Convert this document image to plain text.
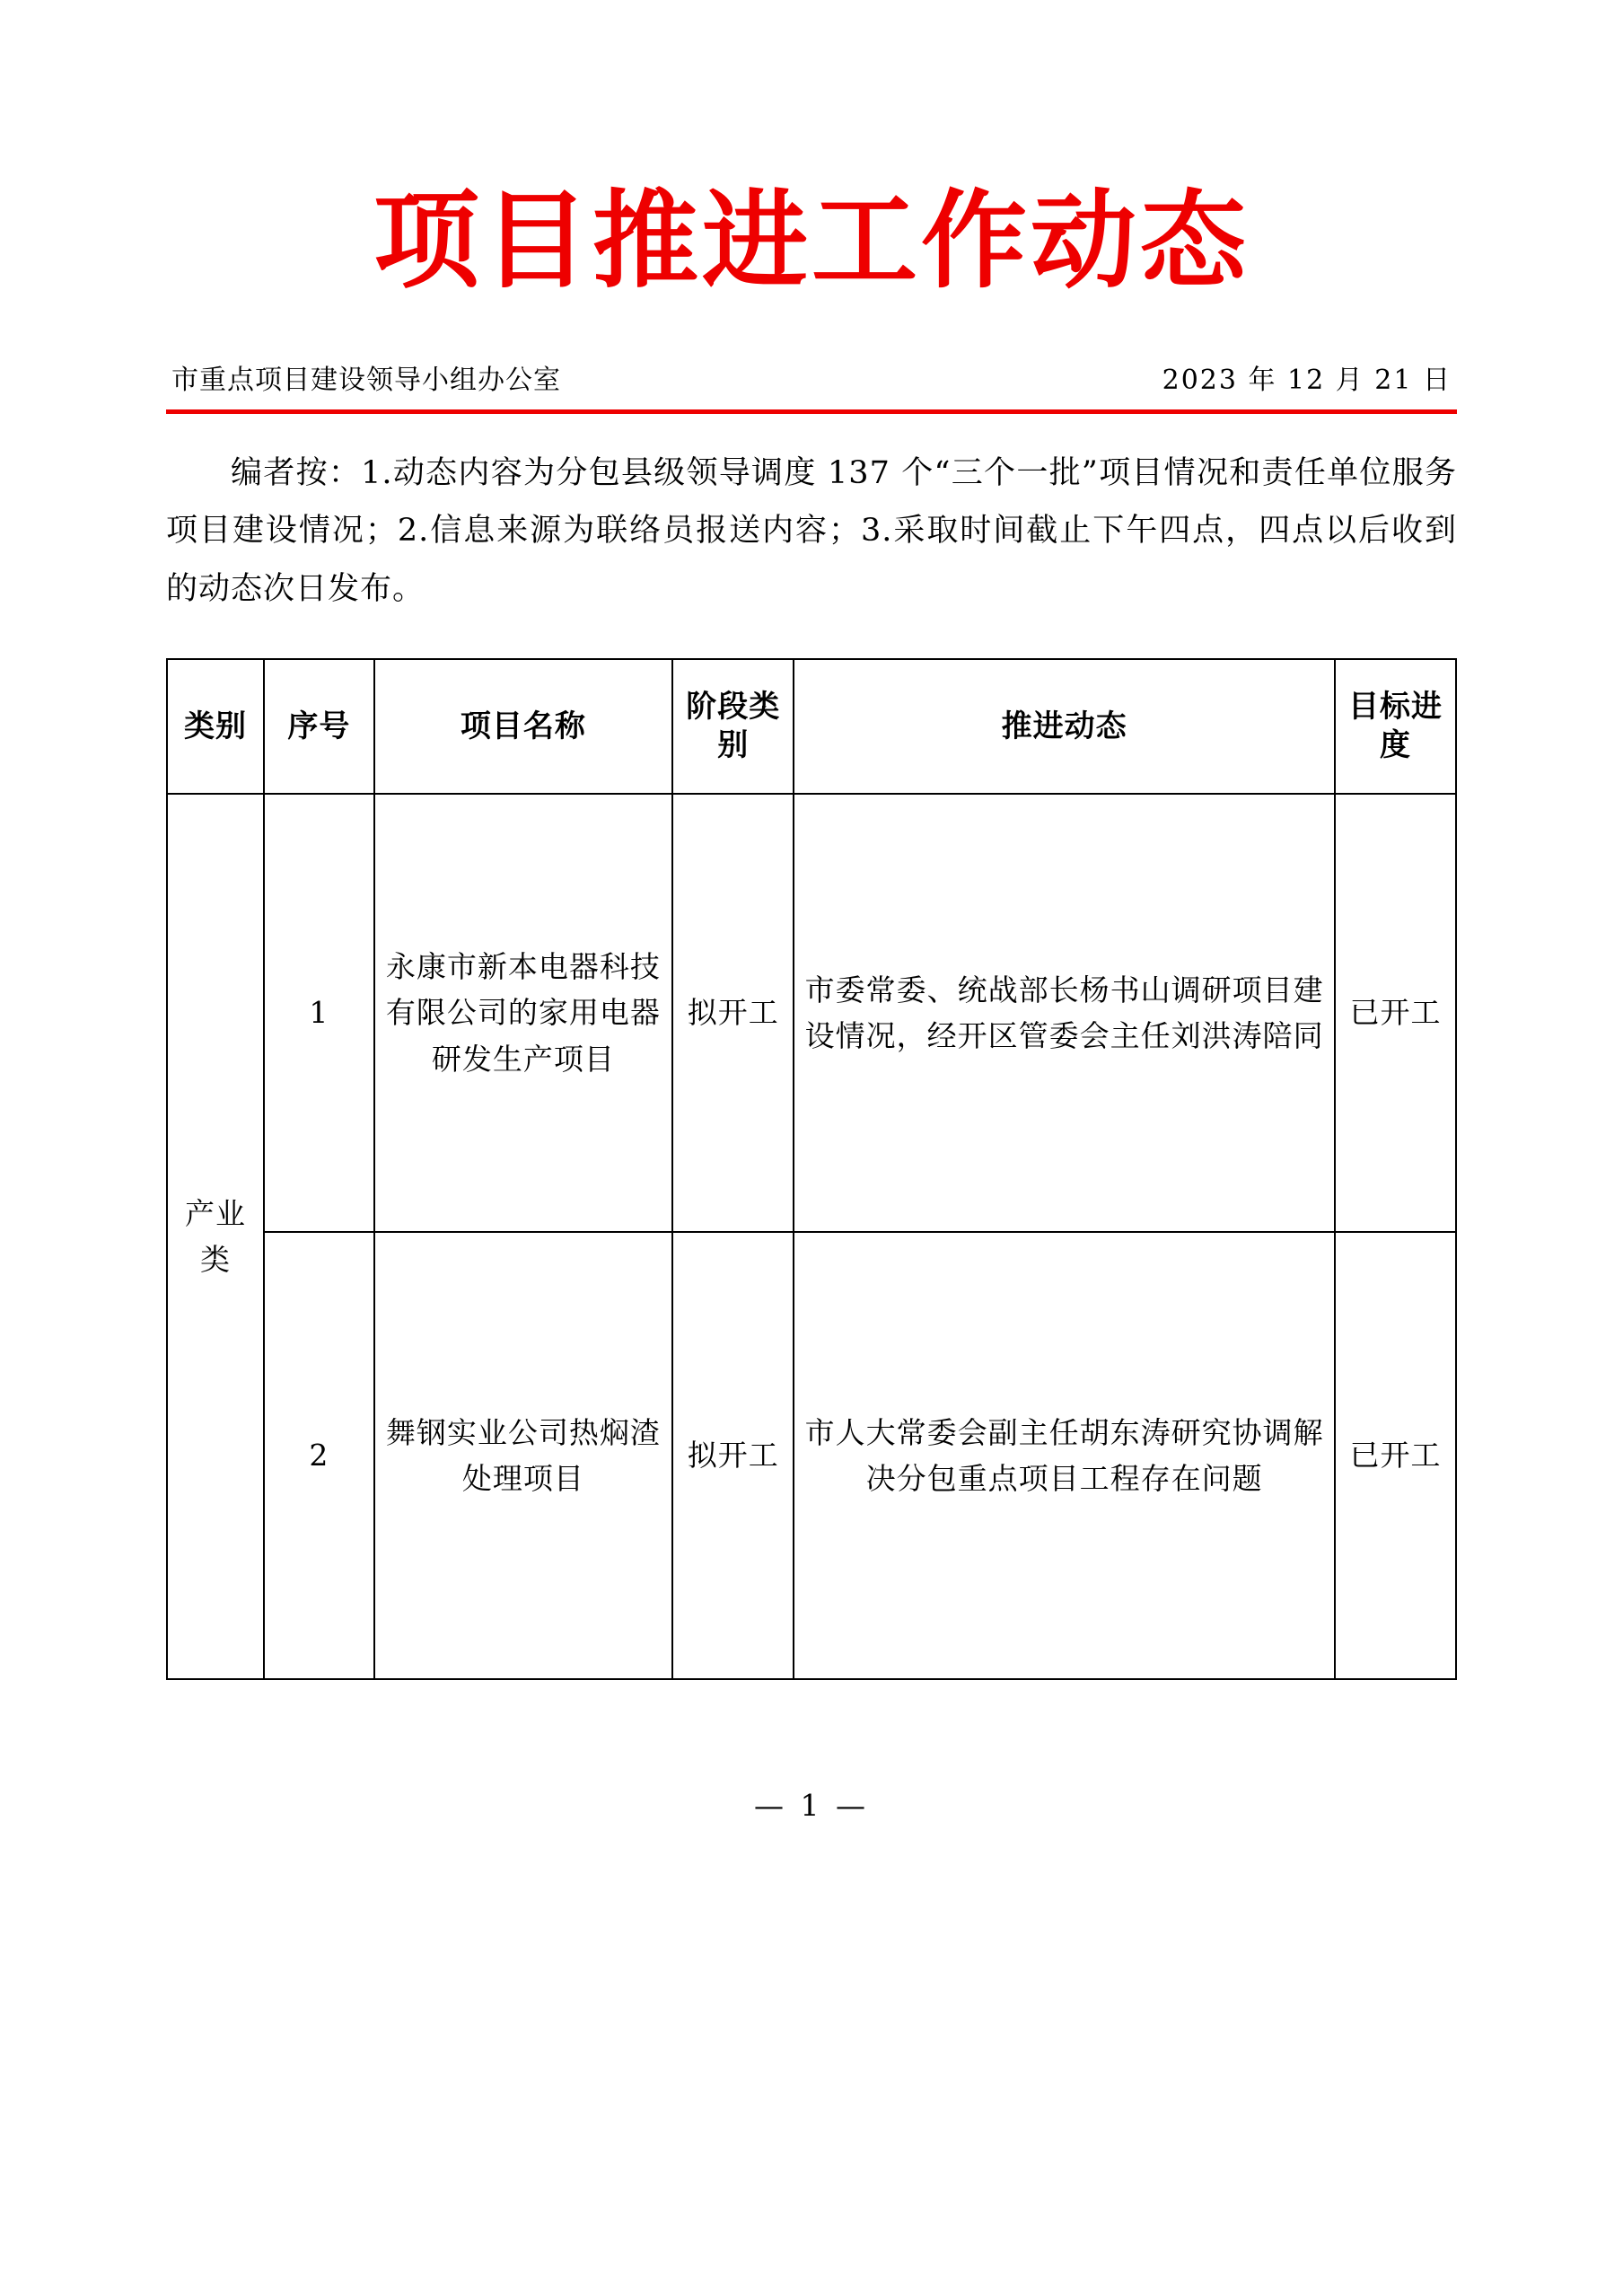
项目推进工作动态
市重点项目建设领导小组办公室	2023 年 12 月 21 日

编者按：1.动态内容为分包县级领导调度 137 个“三个一批”项目情况和责任单位服务项目建设情况；2.信息来源为联络员报送内容；3.采取时间截止下午四点，四点以后收到的动态次日发布。

类别	序号	项目名称	阶段类别	推进动态	目标进度
产业类	1	永康市新本电器科技有限公司的家用电器研发生产项目	拟开工	市委常委、统战部长杨书山调研项目建设情况，经开区管委会主任刘洪涛陪同	已开工
	2	舞钢实业公司热焖渣处理项目	拟开工	市人大常委会副主任胡东涛研究协调解决分包重点项目工程存在问题	已开工
— 1 —
